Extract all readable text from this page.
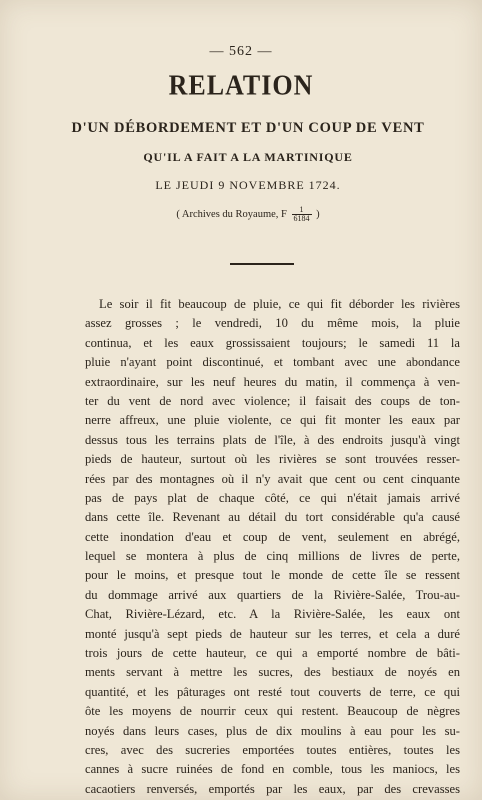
— 562 —
RELATION
D'UN DÉBORDEMENT ET D'UN COUP DE VENT
QU'IL A FAIT A LA MARTINIQUE
LE JEUDI 9 NOVEMBRE 1724.
( Archives du Royaume, F $\frac{1}{6184}$ )
Le soir il fit beaucoup de pluie, ce qui fit déborder les rivières
assez grosses ; le vendredi, 10 du même mois, la pluie
continua, et les eaux grossissaient toujours; le samedi 11 la
pluie n'ayant point discontinué, et tombant avec une abondance
extraordinaire, sur les neuf heures du matin, il commença à ven-
ter du vent de nord avec violence; il faisait des coups de ton-
nerre affreux, une pluie violente, ce qui fit monter les eaux par
dessus tous les terrains plats de l'île, à des endroits jusqu'à vingt
pieds de hauteur, surtout où les rivières se sont trouvées resser-
rées par des montagnes où il n'y avait que cent ou cent cinquante
pas de pays plat de chaque côté, ce qui n'était jamais arrivé
dans cette île. Revenant au détail du tort considérable qu'a causé
cette inondation d'eau et coup de vent, seulement en abrégé,
lequel se montera à plus de cinq millions de livres de perte,
pour le moins, et presque tout le monde de cette île se ressent
du dommage arrivé aux quartiers de la Rivière-Salée, Trou-au-
Chat, Rivière-Lézard, etc. A la Rivière-Salée, les eaux ont
monté jusqu'à sept pieds de hauteur sur les terres, et cela a duré
trois jours de cette hauteur, ce qui a emporté nombre de bâti-
ments servant à mettre les sucres, des bestiaux de noyés en
quantité, et les pâturages ont resté tout couverts de terre, ce qui
ôte les moyens de nourrir ceux qui restent. Beaucoup de nègres
noyés dans leurs cases, plus de dix moulins à eau pour les su-
cres, avec des sucreries emportées toutes entières, toutes les
cannes à sucre ruinées de fond en comble, tous les maniocs, les
cacaotiers renversés, emportés par les eaux, par des crevasses
